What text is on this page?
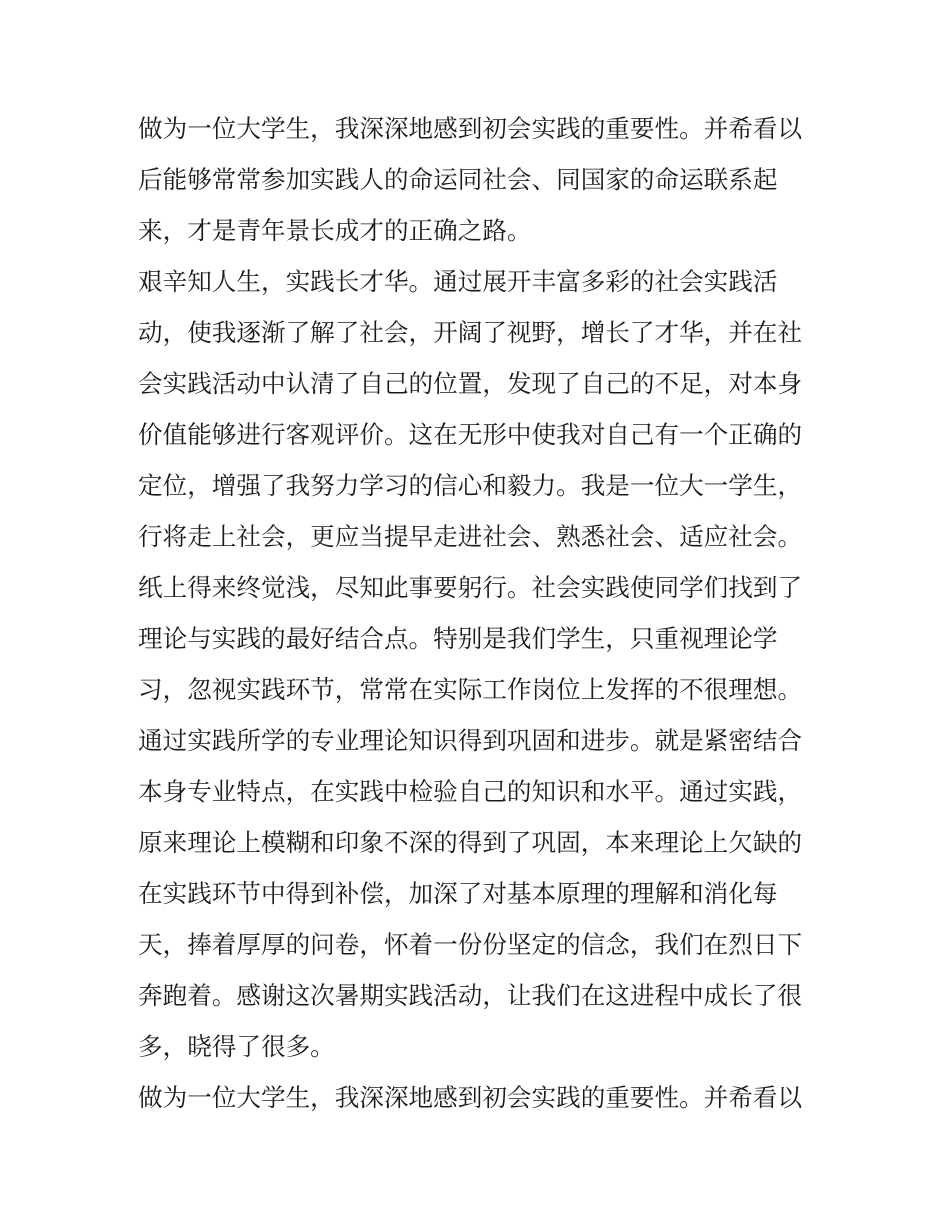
做为一位大学生，我深深地感到初会实践的重要性。并希看以
后能够常常参加实践人的命运同社会、同国家的命运联系起
来，才是青年景长成才的正确之路。
艰辛知人生，实践长才华。通过展开丰富多彩的社会实践活
动，使我逐渐了解了社会，开阔了视野，增长了才华，并在社
会实践活动中认清了自己的位置，发现了自己的不足，对本身
价值能够进行客观评价。这在无形中使我对自己有一个正确的
定位，增强了我努力学习的信心和毅力。我是一位大一学生，
行将走上社会，更应当提早走进社会、熟悉社会、适应社会。
纸上得来终觉浅，尽知此事要躬行。社会实践使同学们找到了
理论与实践的最好结合点。特别是我们学生，只重视理论学
习，忽视实践环节，常常在实际工作岗位上发挥的不很理想。
通过实践所学的专业理论知识得到巩固和进步。就是紧密结合
本身专业特点，在实践中检验自己的知识和水平。通过实践，
原来理论上模糊和印象不深的得到了巩固，本来理论上欠缺的
在实践环节中得到补偿，加深了对基本原理的理解和消化每
天，捧着厚厚的问卷，怀着一份份坚定的信念，我们在烈日下
奔跑着。感谢这次暑期实践活动，让我们在这进程中成长了很
多，晓得了很多。
做为一位大学生，我深深地感到初会实践的重要性。并希看以
